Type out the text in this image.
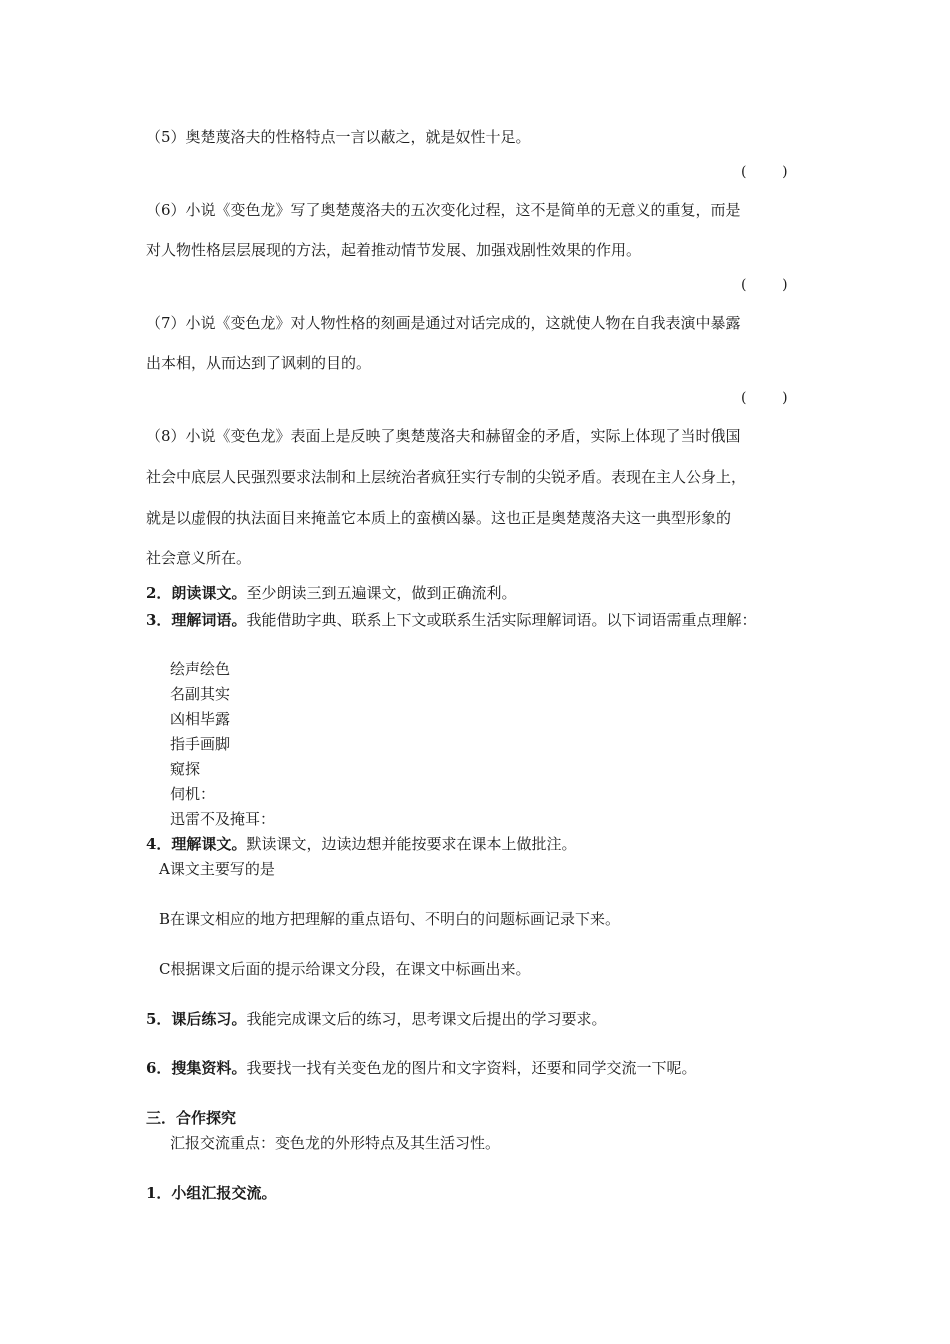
（5）奥楚蔑洛夫的性格特点一言以蔽之，就是奴性十足。
(        )
（6）小说《变色龙》写了奥楚蔑洛夫的五次变化过程，这不是简单的无意义的重复，而是
对人物性格层层展现的方法，起着推动情节发展、加强戏剧性效果的作用。
(        )
（7）小说《变色龙》对人物性格的刻画是通过对话完成的，这就使人物在自我表演中暴露
出本相，从而达到了讽刺的目的。
(        )
（8）小说《变色龙》表面上是反映了奥楚蔑洛夫和赫留金的矛盾，实际上体现了当时俄国
社会中底层人民强烈要求法制和上层统治者疯狂实行专制的尖锐矛盾。表现在主人公身上，
就是以虚假的执法面目来掩盖它本质上的蛮横凶暴。这也正是奥楚蔑洛夫这一典型形象的
社会意义所在。
2．朗读课文。至少朗读三到五遍课文，做到正确流利。
3．理解词语。我能借助字典、联系上下文或联系生活实际理解词语。以下词语需重点理解：
绘声绘色
名副其实
凶相毕露
指手画脚
窥探
伺机：
迅雷不及掩耳：
4．理解课文。默读课文，边读边想并能按要求在课本上做批注。
A课文主要写的是
B在课文相应的地方把理解的重点语句、不明白的问题标画记录下来。
C根据课文后面的提示给课文分段，在课文中标画出来。
5．课后练习。我能完成课文后的练习，思考课文后提出的学习要求。
6．搜集资料。我要找一找有关变色龙的图片和文字资料，还要和同学交流一下呢。
三．合作探究
汇报交流重点：变色龙的外形特点及其生活习性。
1．小组汇报交流。
